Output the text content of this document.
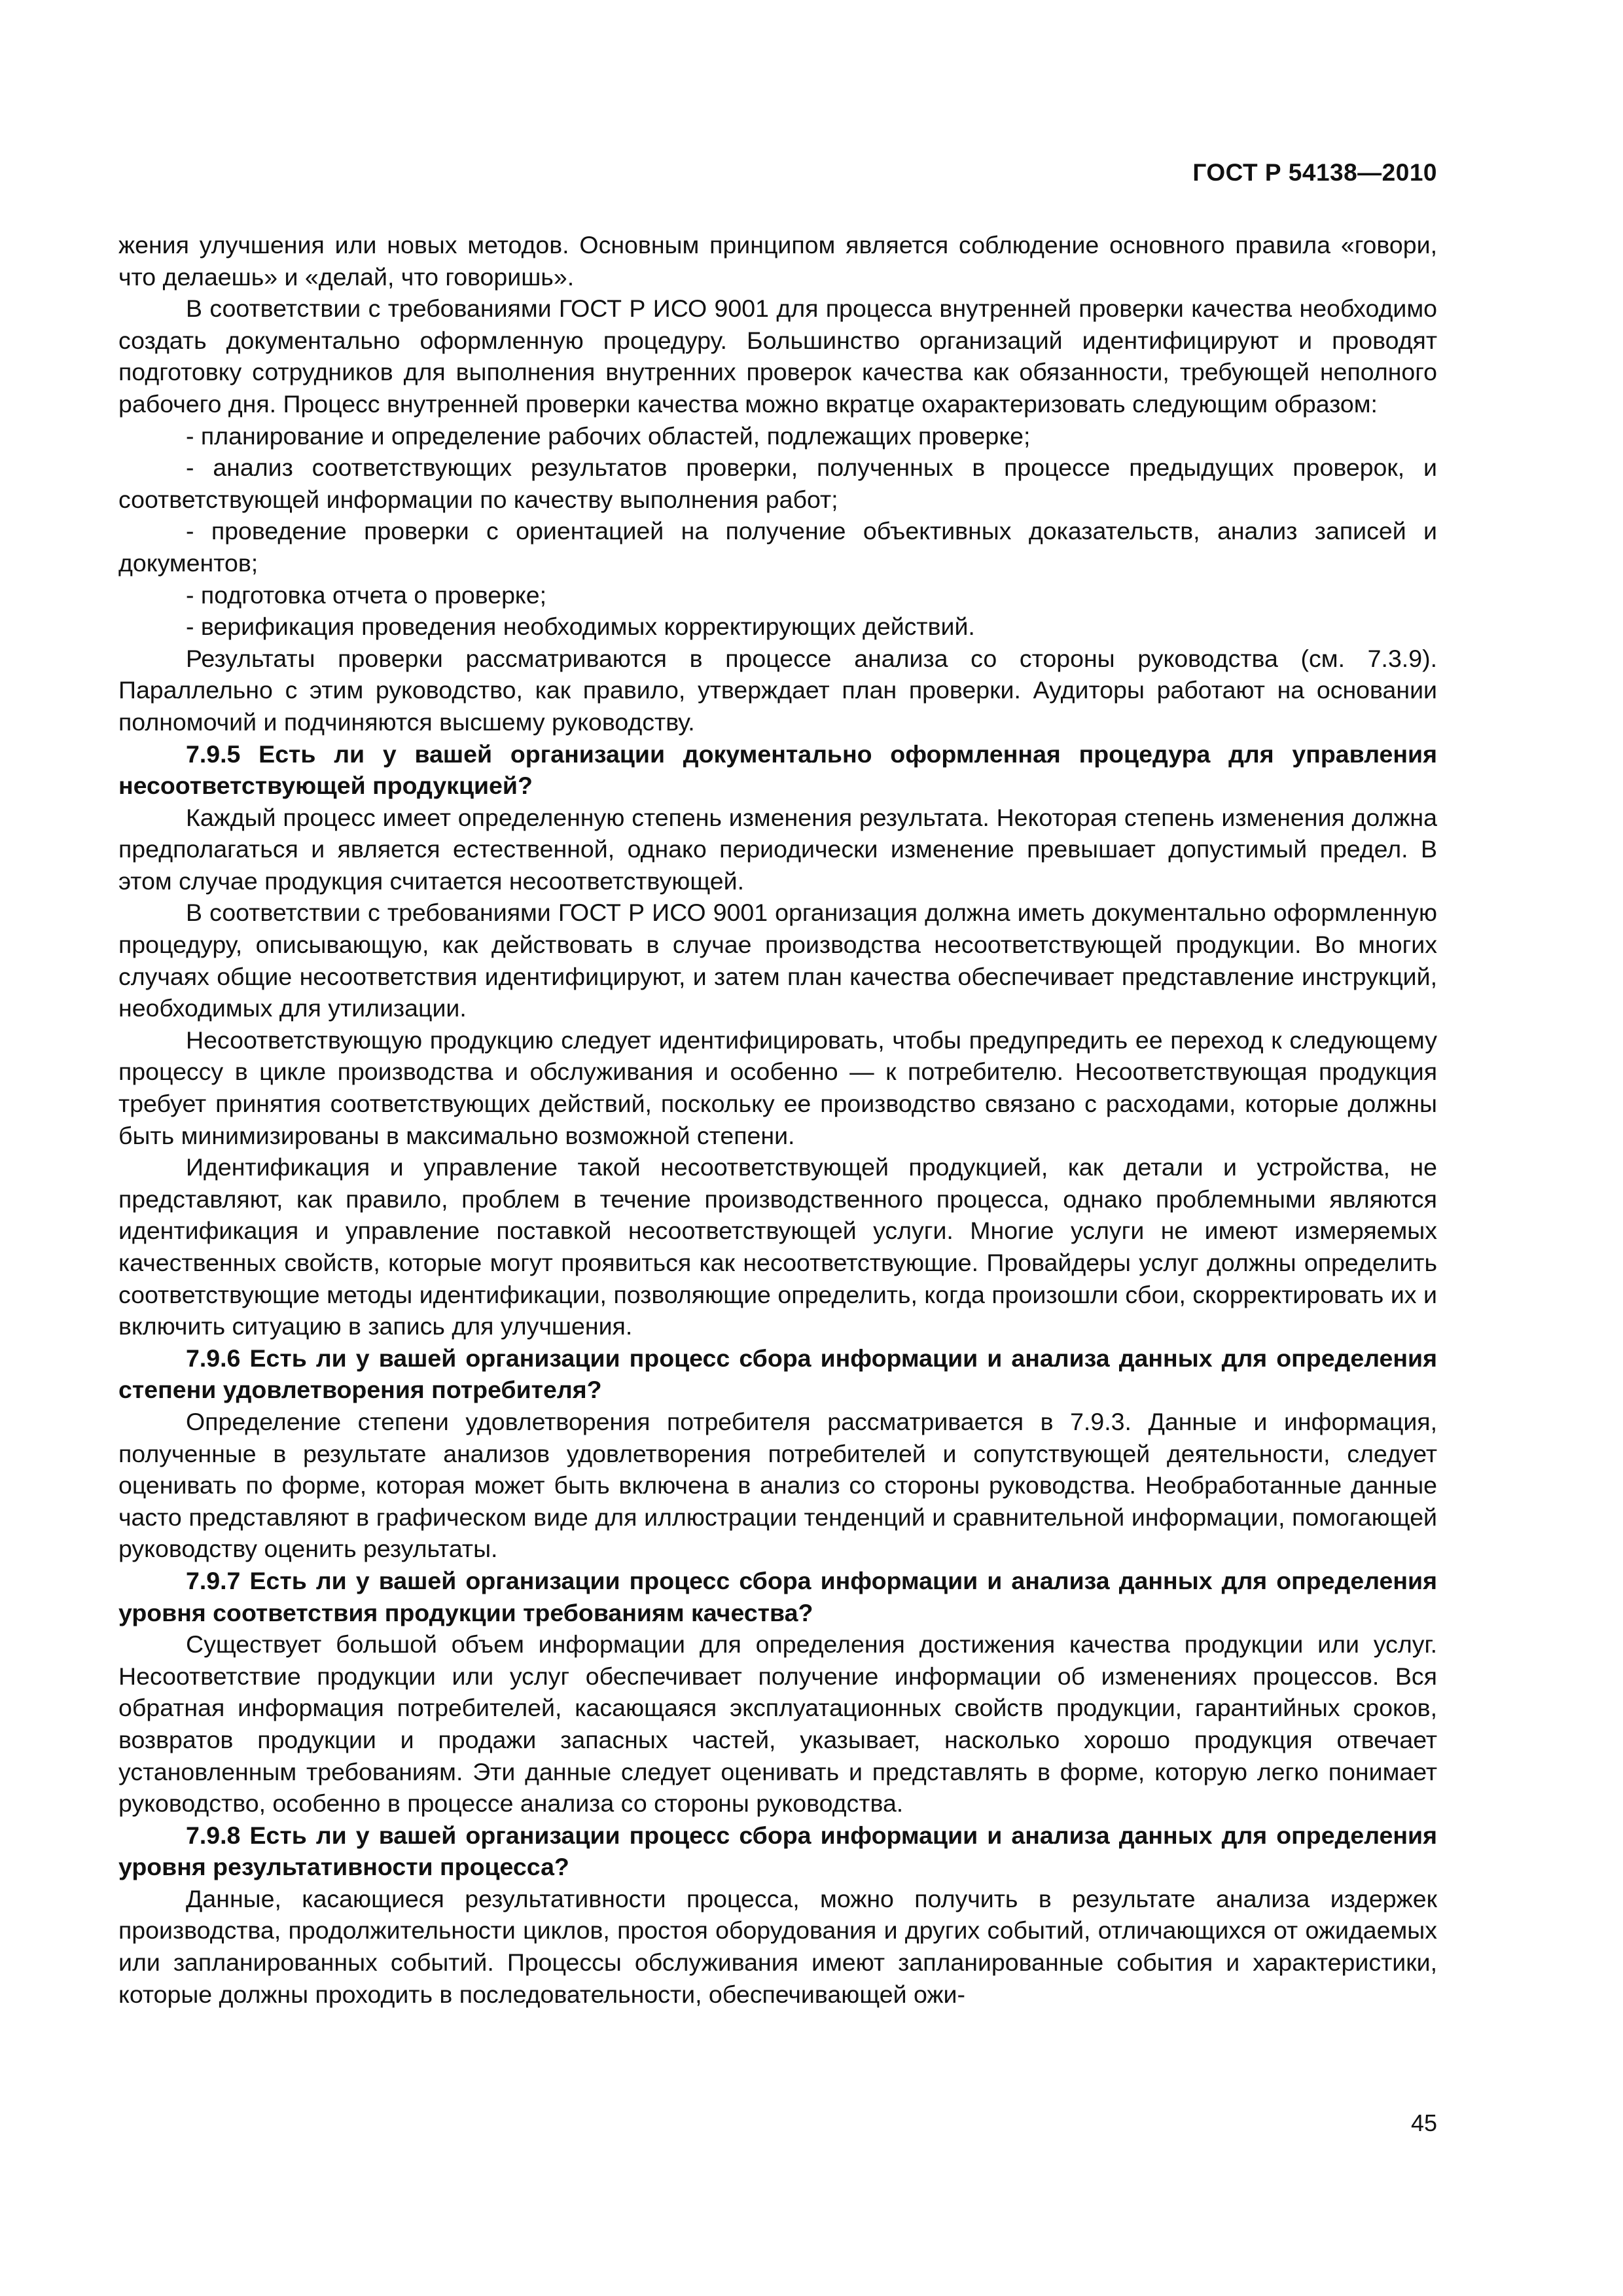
ГОСТ Р 54138—2010

жения улучшения или новых методов. Основным принципом является соблюдение основного правила «говори, что делаешь» и «делай, что говоришь».

В соответствии с требованиями ГОСТ Р ИСО 9001 для процесса внутренней проверки качества необходимо создать документально оформленную процедуру. Большинство организаций идентифицируют и проводят подготовку сотрудников для выполнения внутренних проверок качества как обязанности, требующей неполного рабочего дня. Процесс внутренней проверки качества можно вкратце охарактеризовать следующим образом:

- планирование и определение рабочих областей, подлежащих проверке;

- анализ соответствующих результатов проверки, полученных в процессе предыдущих проверок, и соответствующей информации по качеству выполнения работ;

- проведение проверки с ориентацией на получение объективных доказательств, анализ записей и документов;

- подготовка отчета о проверке;

- верификация проведения необходимых корректирующих действий.

Результаты проверки рассматриваются в процессе анализа со стороны руководства (см. 7.3.9). Параллельно с этим руководство, как правило, утверждает план проверки. Аудиторы работают на основании полномочий и подчиняются высшему руководству.

7.9.5 Есть ли у вашей организации документально оформленная процедура для управления несоответствующей продукцией?

Каждый процесс имеет определенную степень изменения результата. Некоторая степень изменения должна предполагаться и является естественной, однако периодически изменение превышает допустимый предел. В этом случае продукция считается несоответствующей.

В соответствии с требованиями ГОСТ Р ИСО 9001 организация должна иметь документально оформленную процедуру, описывающую, как действовать в случае производства несоответствующей продукции. Во многих случаях общие несоответствия идентифицируют, и затем план качества обеспечивает представление инструкций, необходимых для утилизации.

Несоответствующую продукцию следует идентифицировать, чтобы предупредить ее переход к следующему процессу в цикле производства и обслуживания и особенно — к потребителю. Несоответствующая продукция требует принятия соответствующих действий, поскольку ее производство связано с расходами, которые должны быть минимизированы в максимально возможной степени.

Идентификация и управление такой несоответствующей продукцией, как детали и устройства, не представляют, как правило, проблем в течение производственного процесса, однако проблемными являются идентификация и управление поставкой несоответствующей услуги. Многие услуги не имеют измеряемых качественных свойств, которые могут проявиться как несоответствующие. Провайдеры услуг должны определить соответствующие методы идентификации, позволяющие определить, когда произошли сбои, скорректировать их и включить ситуацию в запись для улучшения.

7.9.6 Есть ли у вашей организации процесс сбора информации и анализа данных для определения степени удовлетворения потребителя?

Определение степени удовлетворения потребителя рассматривается в 7.9.3. Данные и информация, полученные в результате анализов удовлетворения потребителей и сопутствующей деятельности, следует оценивать по форме, которая может быть включена в анализ со стороны руководства. Необработанные данные часто представляют в графическом виде для иллюстрации тенденций и сравнительной информации, помогающей руководству оценить результаты.

7.9.7 Есть ли у вашей организации процесс сбора информации и анализа данных для определения уровня соответствия продукции требованиям качества?

Существует большой объем информации для определения достижения качества продукции или услуг. Несоответствие продукции или услуг обеспечивает получение информации об изменениях процессов. Вся обратная информация потребителей, касающаяся эксплуатационных свойств продукции, гарантийных сроков, возвратов продукции и продажи запасных частей, указывает, насколько хорошо продукция отвечает установленным требованиям. Эти данные следует оценивать и представлять в форме, которую легко понимает руководство, особенно в процессе анализа со стороны руководства.

7.9.8 Есть ли у вашей организации процесс сбора информации и анализа данных для определения уровня результативности процесса?

Данные, касающиеся результативности процесса, можно получить в результате анализа издержек производства, продолжительности циклов, простоя оборудования и других событий, отличающихся от ожидаемых или запланированных событий. Процессы обслуживания имеют запланированные события и характеристики, которые должны проходить в последовательности, обеспечивающей ожи-

45
